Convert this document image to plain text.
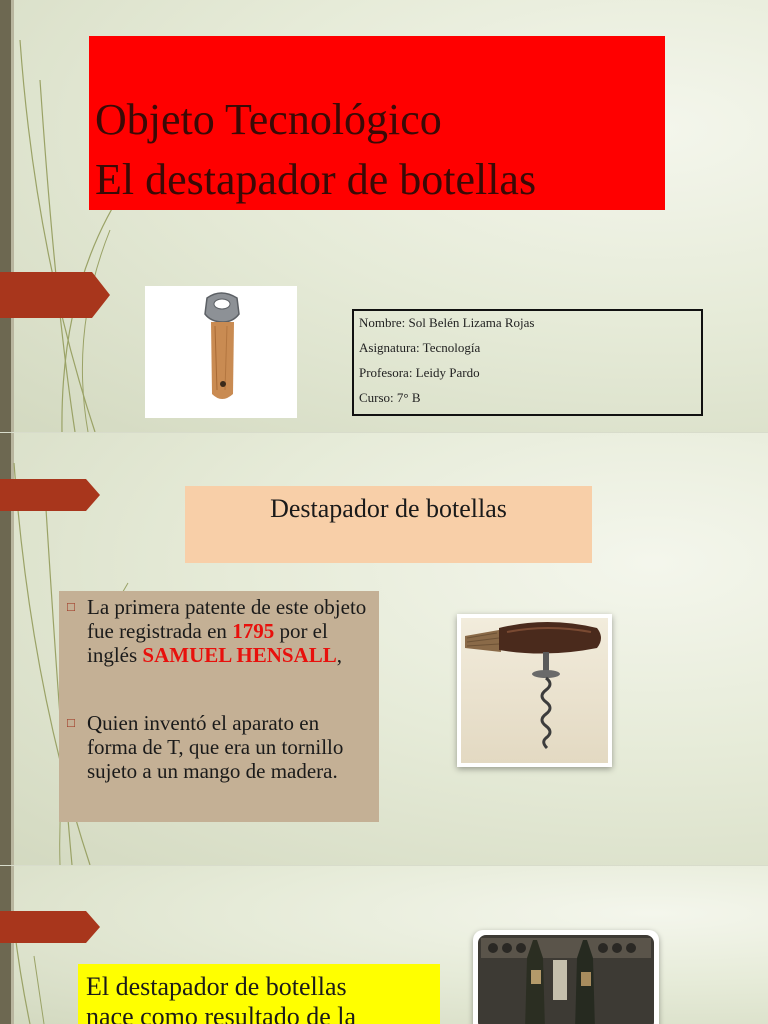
Objeto Tecnológico
El destapador de botellas
Nombre: Sol Belén Lizama Rojas
Asignatura: Tecnología
Profesora: Leidy Pardo
Curso: 7° B
Destapador de botellas
□ La primera patente de este objeto fue registrada en 1795 por el inglés SAMUEL HENSALL,
□ Quien inventó el aparato en forma de T, que era un tornillo sujeto a un mango de madera.
El destapador de botellas
nace como resultado de la
